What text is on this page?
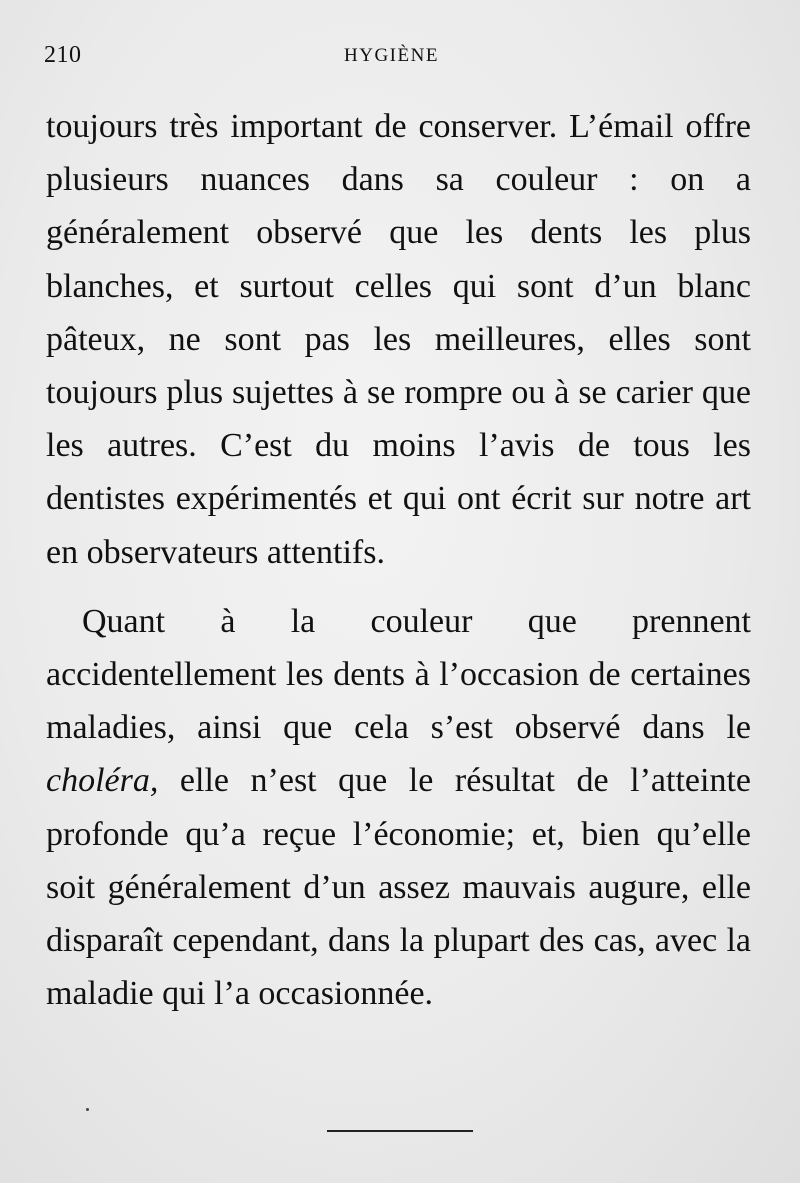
210	HYGIÈNE

toujours très important de conserver. L’émail offre plusieurs nuances dans sa couleur : on a généralement observé que les dents les plus blanches, et surtout celles qui sont d’un blanc pâteux, ne sont pas les meilleures, elles sont toujours plus sujettes à se rompre ou à se carier que les autres. C’est du moins l’avis de tous les dentistes expérimentés et qui ont écrit sur notre art en observateurs attentifs.

Quant à la couleur que prennent accidentellement les dents à l’occasion de certaines maladies, ainsi que cela s’est observé dans le choléra, elle n’est que le résultat de l’atteinte profonde qu’a reçue l’économie; et, bien qu’elle soit généralement d’un assez mauvais augure, elle disparaît cependant, dans la plupart des cas, avec la maladie qui l’a occasionnée.
